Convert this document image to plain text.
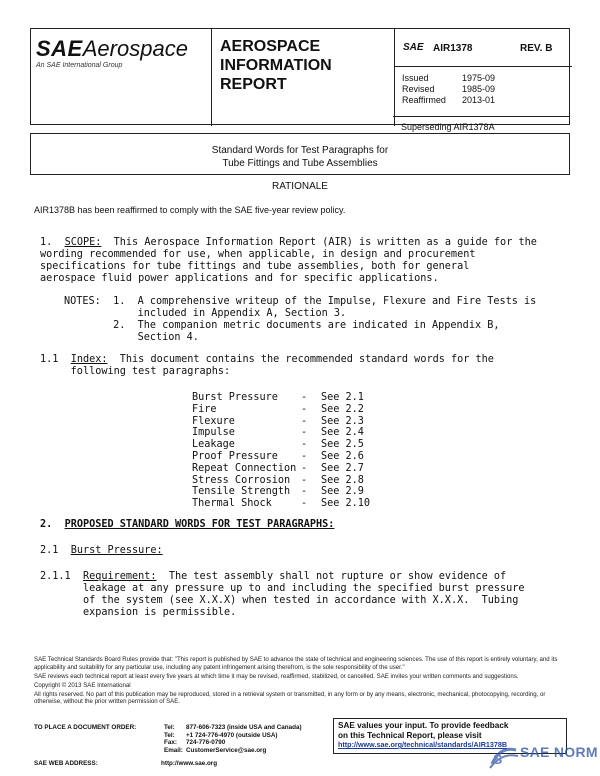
SAEAerospace
An SAE International Group
AEROSPACE
INFORMATION
REPORT
SAE AIR1378	REV. B
Issued	1975-09
Revised	1985-09
Reaffirmed	2013-01
Superseding AIR1378A
Standard Words for Test Paragraphs for
Tube Fittings and Tube Assemblies
RATIONALE
AIR1378B has been reaffirmed to comply with the SAE five-year review policy.
1. SCOPE: This Aerospace Information Report (AIR) is written as a guide for the
wording recommended for use, when applicable, in design and procurement
specifications for tube fittings and tube assemblies, both for general
aerospace fluid power applications and for specific applications.
NOTES: 1.  A comprehensive writeup of the Impulse, Flexure and Fire Tests is
included in Appendix A, Section 3.
2.  The companion metric documents are indicated in Appendix B,
Section 4.
1.1 Index: This document contains the recommended standard words for the
following test paragraphs:
Burst Pressure - See 2.1
Fire	- See 2.2
Flexure	- See 2.3
Impulse	- See 2.4
Leakage	- See 2.5
Proof Pressure - See 2.6
Repeat Connection - See 2.7
Stress Corrosion - See 2.8
Tensile Strength - See 2.9
Thermal Shock	- See 2.10
2. PROPOSED STANDARD WORDS FOR TEST PARAGRAPHS:
2.1 Burst Pressure:
2.1.1 Requirement: The test assembly shall not rupture or show evidence of
leakage at any pressure up to and including the specified burst pressure
of the system (see X.X.X) when tested in accordance with X.X.X.  Tubing
expansion is permissible.

SAE Technical Standards Board Rules provide that: "This report is published by SAE to advance the state of technical and engineering sciences. The use of this report is entirely voluntary, and its applicability and suitability for any particular use, including any patent infringement arising therefrom, is the sole responsibility of the user."

SAE reviews each technical report at least every five years at which time it may be revised, reaffirmed, stabilized, or cancelled. SAE invites your written comments and suggestions.

Copyright © 2013 SAE International

All rights reserved. No part of this publication may be reproduced, stored in a retrieval system or transmitted, in any form or by any means, electronic, mechanical, photocopying, recording, or otherwise, without the prior written permission of SAE.

TO PLACE A DOCUMENT ORDER:	Tel: 877-606-7323 (inside USA and Canada)
Tel: +1 724-776-4970 (outside USA)
Fax: 724-776-0790
Email: CustomerService@sae.org
SAE WEB ADDRESS:	http://www.sae.org
SAE values your input. To provide feedback
on this Technical Report, please visit
http://www.sae.org/technical/standards/AIR1378B
S SAE NORM
